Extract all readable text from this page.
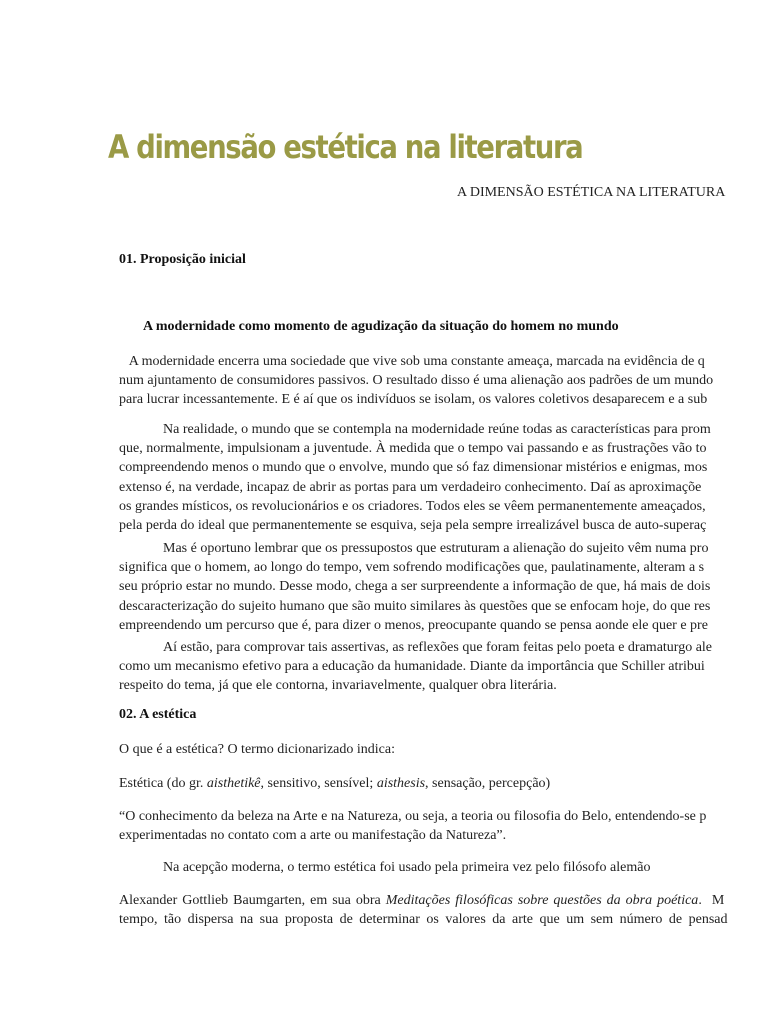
A dimensão estética na literatura
A DIMENSÃO ESTÉTICA NA LITERATURA
01. Proposição inicial
A modernidade como momento de agudização da situação do homem no mundo
A modernidade encerra uma sociedade que vive sob uma constante ameaça, marcada na evidência de q
num ajuntamento de consumidores passivos. O resultado disso é uma alienação aos padrões de um mundo
para lucrar incessantemente. E é aí que os indivíduos se isolam, os valores coletivos desaparecem e a sub
Na realidade, o mundo que se contempla na modernidade reúne todas as características para prom
que, normalmente, impulsionam a juventude. À medida que o tempo vai passando e as frustrações vão to
compreendendo menos o mundo que o envolve, mundo que só faz dimensionar mistérios e enigmas, mos
extenso é, na verdade, incapaz de abrir as portas para um verdadeiro conhecimento. Daí as aproximaçõe
os grandes místicos, os revolucionários e os criadores. Todos eles se vêem permanentemente ameaçados,
pela perda do ideal que permanentemente se esquiva, seja pela sempre irrealizável busca de auto-superaç
Mas é oportuno lembrar que os pressupostos que estruturam a alienação do sujeito vêm numa pro
significa que o homem, ao longo do tempo, vem sofrendo modificações que, paulatinamente, alteram a s
seu próprio estar no mundo. Desse modo, chega a ser surpreendente a informação de que, há mais de dois
descaracterização do sujeito humano que são muito similares às questões que se enfocam hoje, do que res
empreendendo um percurso que é, para dizer o menos, preocupante quando se pensa aonde ele quer e pre
Aí estão, para comprovar tais assertivas, as reflexões que foram feitas pelo poeta e dramaturgo ale
como um mecanismo efetivo para a educação da humanidade. Diante da importância que Schiller atribui
respeito do tema, já que ele contorna, invariavelmente, qualquer obra literária.
02. A estética
O que é a estética? O termo dicionarizado indica:
Estética (do gr. aisthetikê, sensitivo, sensível; aisthesis, sensação, percepção)
“O conhecimento da beleza na Arte e na Natureza, ou seja, a teoria ou filosofia do Belo, entendendo-se p
experimentadas no contato com a arte ou manifestação da Natureza”.
Na acepção moderna, o termo estética foi usado pela primeira vez pelo filósofo alemão
Alexander Gottlieb Baumgarten, em sua obra Meditações filosóficas sobre questões da obra poética.  M
tempo, tão dispersa na sua proposta de determinar os valores da arte que um sem número de pensad
